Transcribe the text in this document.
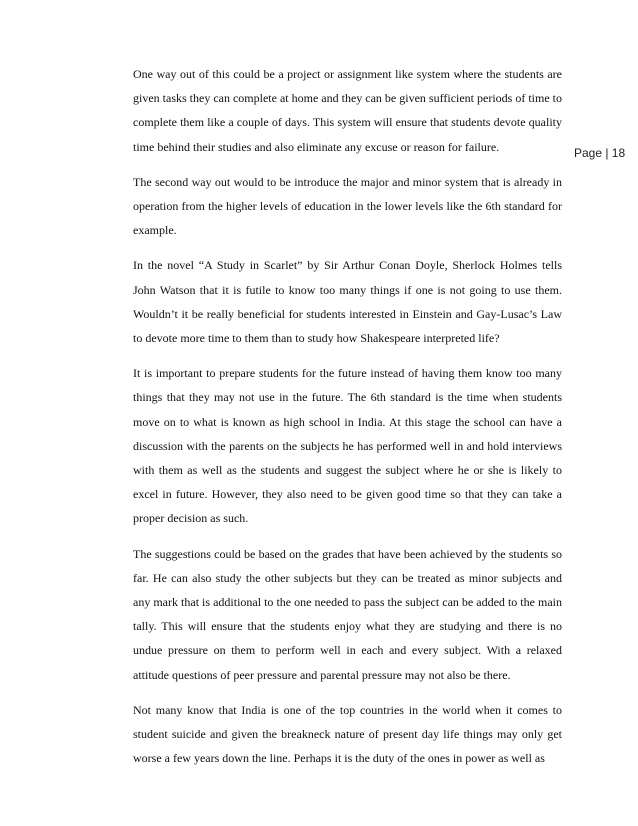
Page | 18

One way out of this could be a project or assignment like system where the students are given tasks they can complete at home and they can be given sufficient periods of time to complete them like a couple of days. This system will ensure that students devote quality time behind their studies and also eliminate any excuse or reason for failure.

The second way out would to be introduce the major and minor system that is already in operation from the higher levels of education in the lower levels like the 6th standard for example.

In the novel “A Study in Scarlet” by Sir Arthur Conan Doyle, Sherlock Holmes tells John Watson that it is futile to know too many things if one is not going to use them. Wouldn’t it be really beneficial for students interested in Einstein and Gay-Lusac’s Law to devote more time to them than to study how Shakespeare interpreted life?

It is important to prepare students for the future instead of having them know too many things that they may not use in the future. The 6th standard is the time when students move on to what is known as high school in India. At this stage the school can have a discussion with the parents on the subjects he has performed well in and hold interviews with them as well as the students and suggest the subject where he or she is likely to excel in future. However, they also need to be given good time so that they can take a proper decision as such.

The suggestions could be based on the grades that have been achieved by the students so far. He can also study the other subjects but they can be treated as minor subjects and any mark that is additional to the one needed to pass the subject can be added to the main tally. This will ensure that the students enjoy what they are studying and there is no undue pressure on them to perform well in each and every subject. With a relaxed attitude questions of peer pressure and parental pressure may not also be there.

Not many know that India is one of the top countries in the world when it comes to student suicide and given the breakneck nature of present day life things may only get worse a few years down the line. Perhaps it is the duty of the ones in power as well as
